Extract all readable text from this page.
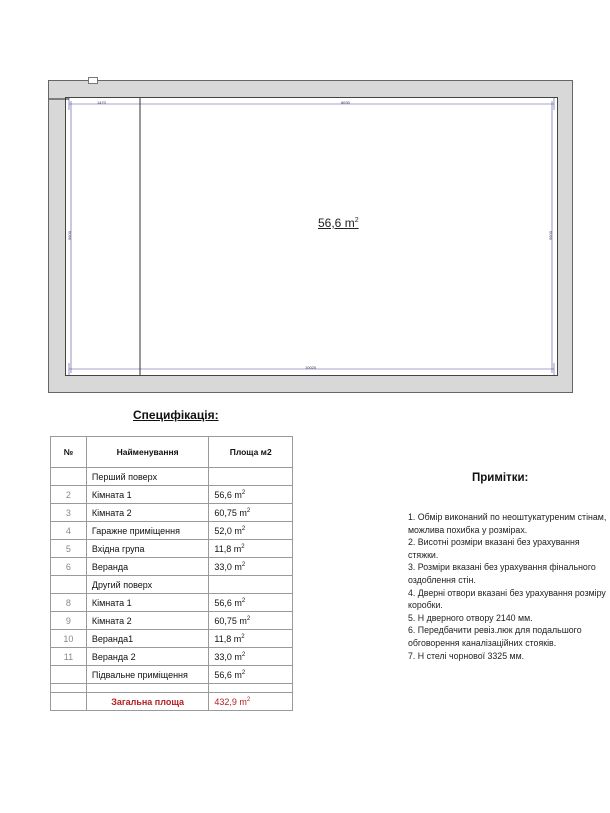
1470	8630
10020
5600	5600
56,6 $m^2$
Специфікація:
№	Найменування	Площа м2
	Перший поверх	
2	Кімната 1	56,6 $m^2$
3	Кімната 2	60,75 $m^2$
4	Гаражне приміщення	52,0 $m^2$
5	Вхідна група	11,8 $m^2$
6	Веранда	33,0 $m^2$
	Другий поверх	
8	Кімната 1	56,6 $m^2$
9	Кімната 2	60,75 $m^2$
10	Веранда1	11,8 $m^2$
11	Веранда 2	33,0 $m^2$
	Підвальне приміщення	56,6 $m^2$

	Загальна площа	432,9 $m^2$
Примітки:
1. Обмір виконаний по неоштукатуреним стінам,
можлива похибка у розмірах.
2. Висотні розміри вказані без урахування стяжки.
3. Розміри вказані без урахування фінального оздоблення стін.
4. Дверні отвори вказані без урахування розміру коробки.
5. Н дверного отвору 2140 мм.
6. Передбачити ревіз.люк для подальшого обговорення каналізаційних стояків.
7. Н стелі чорнової 3325 мм.
